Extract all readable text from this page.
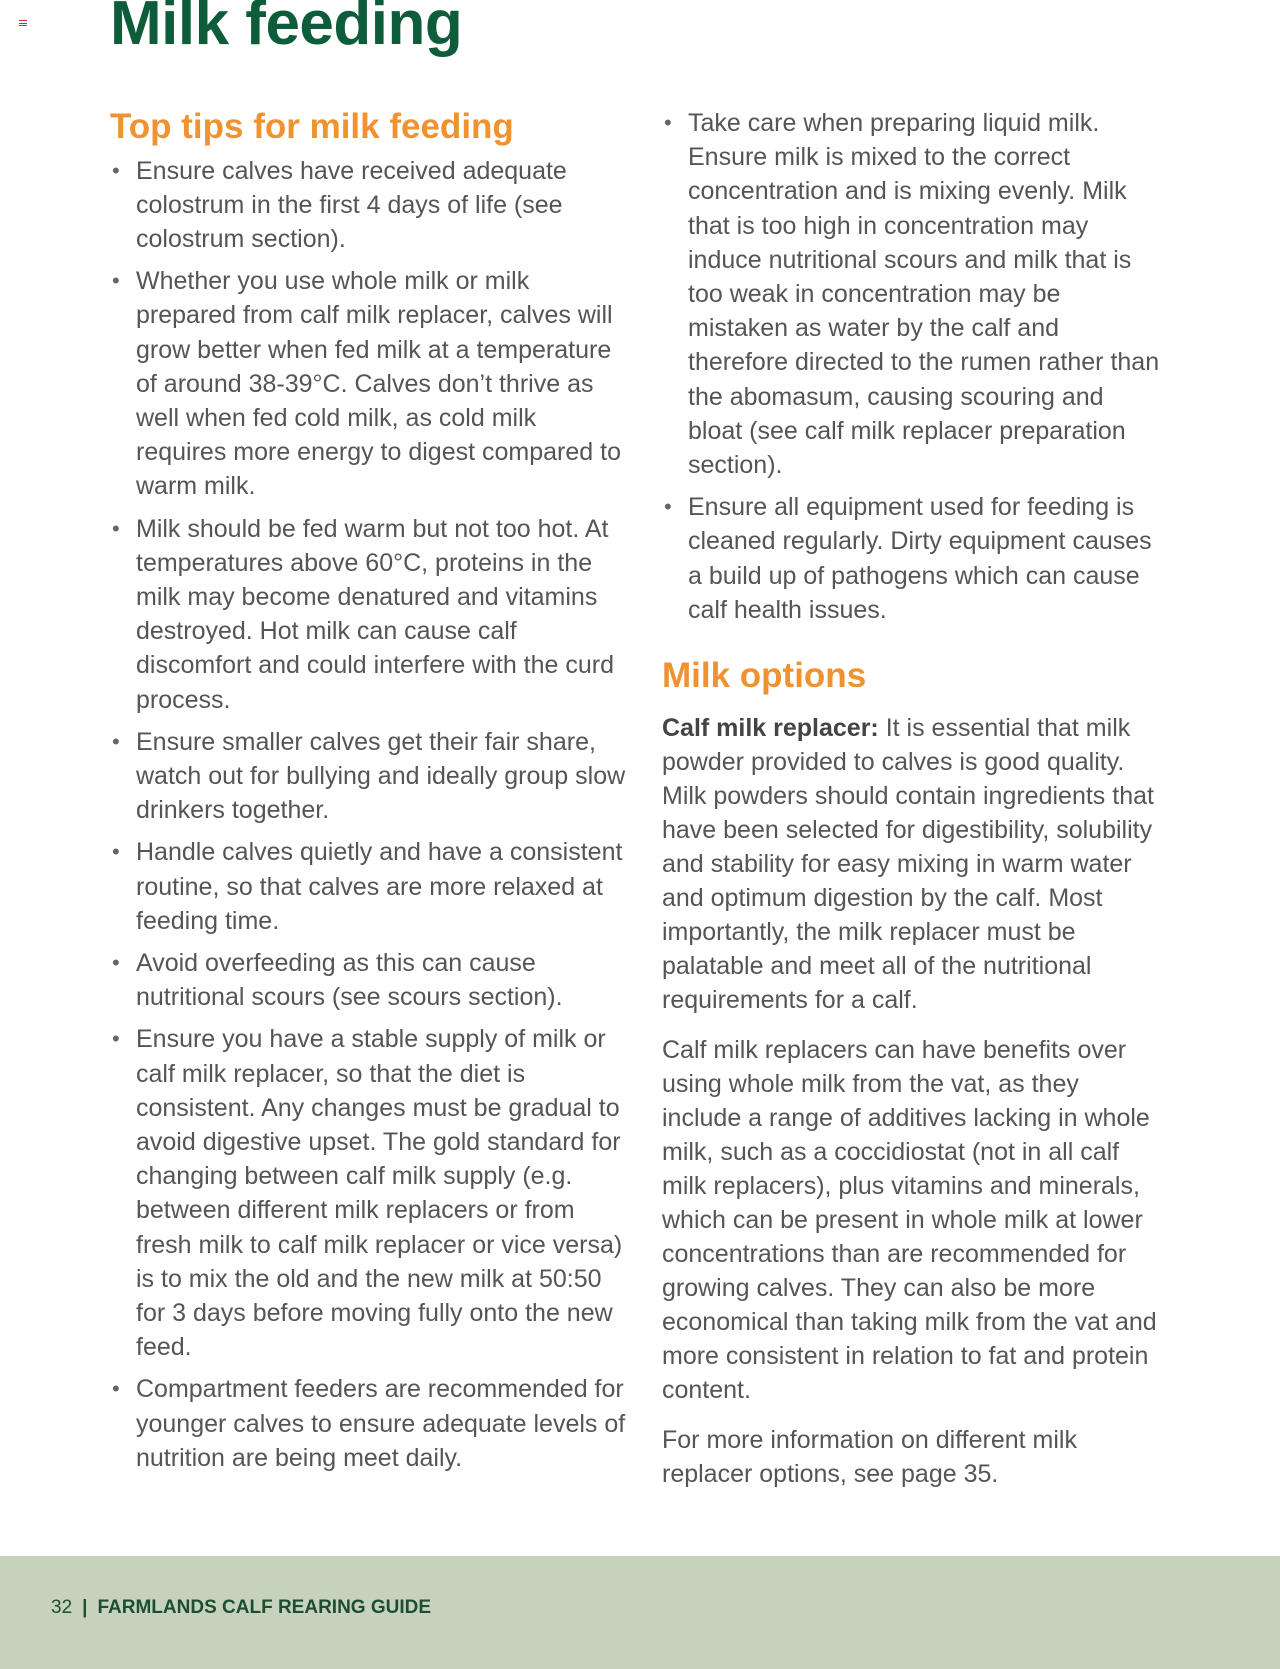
Milk feeding
Top tips for milk feeding
• Ensure calves have received adequate colostrum in the first 4 days of life (see colostrum section).
• Whether you use whole milk or milk prepared from calf milk replacer, calves will grow better when fed milk at a temperature of around 38-39°C. Calves don’t thrive as well when fed cold milk, as cold milk requires more energy to digest compared to warm milk.
• Milk should be fed warm but not too hot. At temperatures above 60°C, proteins in the milk may become denatured and vitamins destroyed. Hot milk can cause calf discomfort and could interfere with the curd process.
• Ensure smaller calves get their fair share, watch out for bullying and ideally group slow drinkers together.
• Handle calves quietly and have a consistent routine, so that calves are more relaxed at feeding time.
• Avoid overfeeding as this can cause nutritional scours (see scours section).
• Ensure you have a stable supply of milk or calf milk replacer, so that the diet is consistent. Any changes must be gradual to avoid digestive upset. The gold standard for changing between calf milk supply (e.g. between different milk replacers or from fresh milk to calf milk replacer or vice versa) is to mix the old and the new milk at 50:50 for 3 days before moving fully onto the new feed.
• Compartment feeders are recommended for younger calves to ensure adequate levels of nutrition are being meet daily.
• Take care when preparing liquid milk. Ensure milk is mixed to the correct concentration and is mixing evenly. Milk that is too high in concentration may induce nutritional scours and milk that is too weak in concentration may be mistaken as water by the calf and therefore directed to the rumen rather than the abomasum, causing scouring and bloat (see calf milk replacer preparation section).
• Ensure all equipment used for feeding is cleaned regularly. Dirty equipment causes a build up of pathogens which can cause calf health issues.
Milk options

Calf milk replacer: It is essential that milk powder provided to calves is good quality. Milk powders should contain ingredients that have been selected for digestibility, solubility and stability for easy mixing in warm water and optimum digestion by the calf. Most importantly, the milk replacer must be palatable and meet all of the nutritional requirements for a calf.

Calf milk replacers can have benefits over using whole milk from the vat, as they include a range of additives lacking in whole milk, such as a coccidiostat (not in all calf milk replacers), plus vitamins and minerals, which can be present in whole milk at lower concentrations than are recommended for growing calves. They can also be more economical than taking milk from the vat and more consistent in relation to fat and protein content.

For more information on different milk replacer options, see page 35.

32 | FARMLANDS CALF REARING GUIDE
